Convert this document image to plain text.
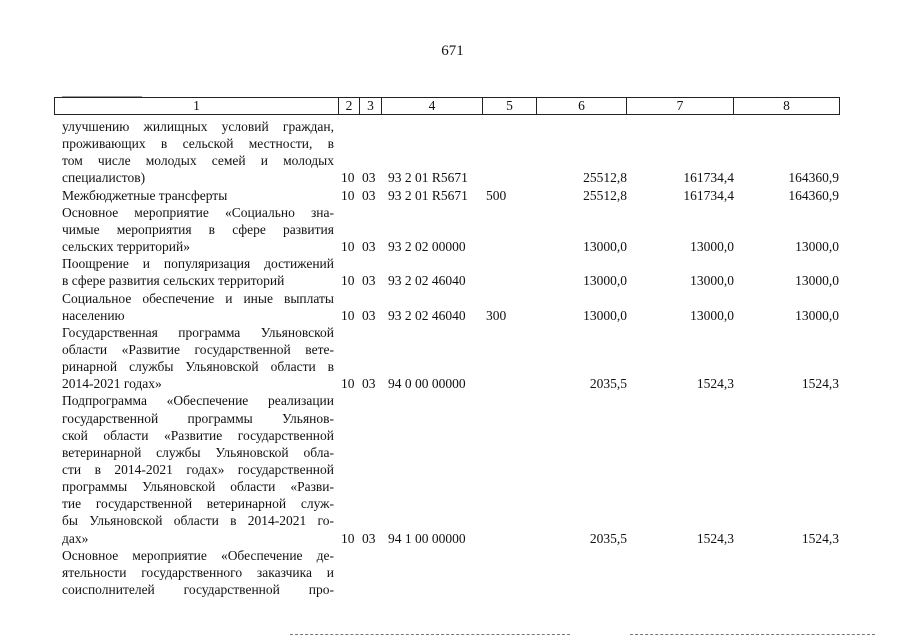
671
1	2	3	4	5	6	7	8
улучшению жилищных условий граждан,
проживающих в сельской местности, в
том числе молодых семей и молодых
специалистов)	10 03 93 2 01 R5671	25512,8	161734,4	164360,9
Межбюджетные трансферты	10 03 93 2 01 R5671 500	25512,8	161734,4	164360,9
Основное мероприятие «Социально зна-
чимые мероприятия в сфере развития
сельских территорий»	10 03 93 2 02 00000	13000,0	13000,0	13000,0
Поощрение и популяризация достижений
в сфере развития сельских территорий	10 03 93 2 02 46040	13000,0	13000,0	13000,0
Социальное обеспечение и иные выплаты
населению	10 03 93 2 02 46040 300	13000,0	13000,0	13000,0
Государственная программа Ульяновской
области «Развитие государственной вете-
ринарной службы Ульяновской области в
2014-2021 годах»	10 03 94 0 00 00000	2035,5	1524,3	1524,3
Подпрограмма «Обеспечение реализации
государственной программы Ульянов-
ской области «Развитие государственной
ветеринарной службы Ульяновской обла-
сти в 2014-2021 годах» государственной
программы Ульяновской области «Разви-
тие государственной ветеринарной служ-
бы Ульяновской области в 2014-2021 го-
дах»	10 03 94 1 00 00000	2035,5	1524,3	1524,3
Основное мероприятие «Обеспечение де-
ятельности государственного заказчика и
соисполнителей государственной про-
